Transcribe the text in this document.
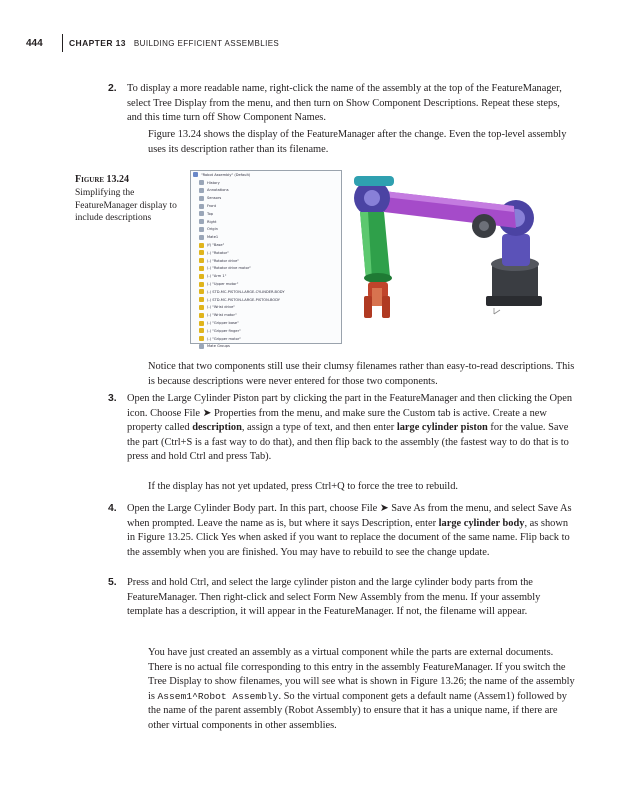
444	CHAPTER 13 BUILDING EFFICIENT ASSEMBLIES
2. To display a more readable name, right-click the name of the assembly at the top of the FeatureManager, select Tree Display from the menu, and then turn on Show Component Descriptions. Repeat these steps, and this time turn off Show Component Names.
Figure 13.24 shows the display of the FeatureManager after the change. Even the top-level assembly uses its description rather than its filename.
Figure 13.24
Simplifying the FeatureManager display to include descriptions
"Robot Assembly" (Default)
History
Annotations
Sensors
Front
Top
Right
Origin
Mate1
(f) "Base"
(-) "Rotator"
(-) "Rotator drive"
(-) "Rotator drive motor"
(-) "Arm 1"
(-) "Upper motor"
(-) STD-MC-PISTON-LARGE-CYLINDER-BODY
(-) STD-MC-PISTON-LARGE-PISTON-BODY
(-) "Wrist drive"
(-) "Wrist motor"
(-) "Gripper base"
(-) "Gripper finger"
(-) "Gripper motor"
Mate Groups
Notice that two components still use their clumsy filenames rather than easy-to-read descriptions. This is because descriptions were never entered for those two components.
3. Open the Large Cylinder Piston part by clicking the part in the FeatureManager and then clicking the Open icon. Choose File ➤ Properties from the menu, and make sure the Custom tab is active. Create a new property called description, assign a type of text, and then enter large cylinder piston for the value. Save the part (Ctrl+S is a fast way to do that), and then flip back to the assembly (the fastest way to do that is to press and hold Ctrl and press Tab).
If the display has not yet updated, press Ctrl+Q to force the tree to rebuild.
4. Open the Large Cylinder Body part. In this part, choose File ➤ Save As from the menu, and select Save As when prompted. Leave the name as is, but where it says Description, enter large cylinder body, as shown in Figure 13.25. Click Yes when asked if you want to replace the document of the same name. Flip back to the assembly when you are finished. You may have to rebuild to see the change update.
5. Press and hold Ctrl, and select the large cylinder piston and the large cylinder body parts from the FeatureManager. Then right-click and select Form New Assembly from the menu. If your assembly template has a description, it will appear in the FeatureManager. If not, the filename will appear.
You have just created an assembly as a virtual component while the parts are external documents. There is no actual file corresponding to this entry in the assembly FeatureManager. If you switch the Tree Display to show filenames, you will see what is shown in Figure 13.26; the name of the assembly is Assem1^Robot Assembly. So the virtual component gets a default name (Assem1) followed by the name of the parent assembly (Robot Assembly) to ensure that it has a unique name, if there are other virtual components in other assemblies.
